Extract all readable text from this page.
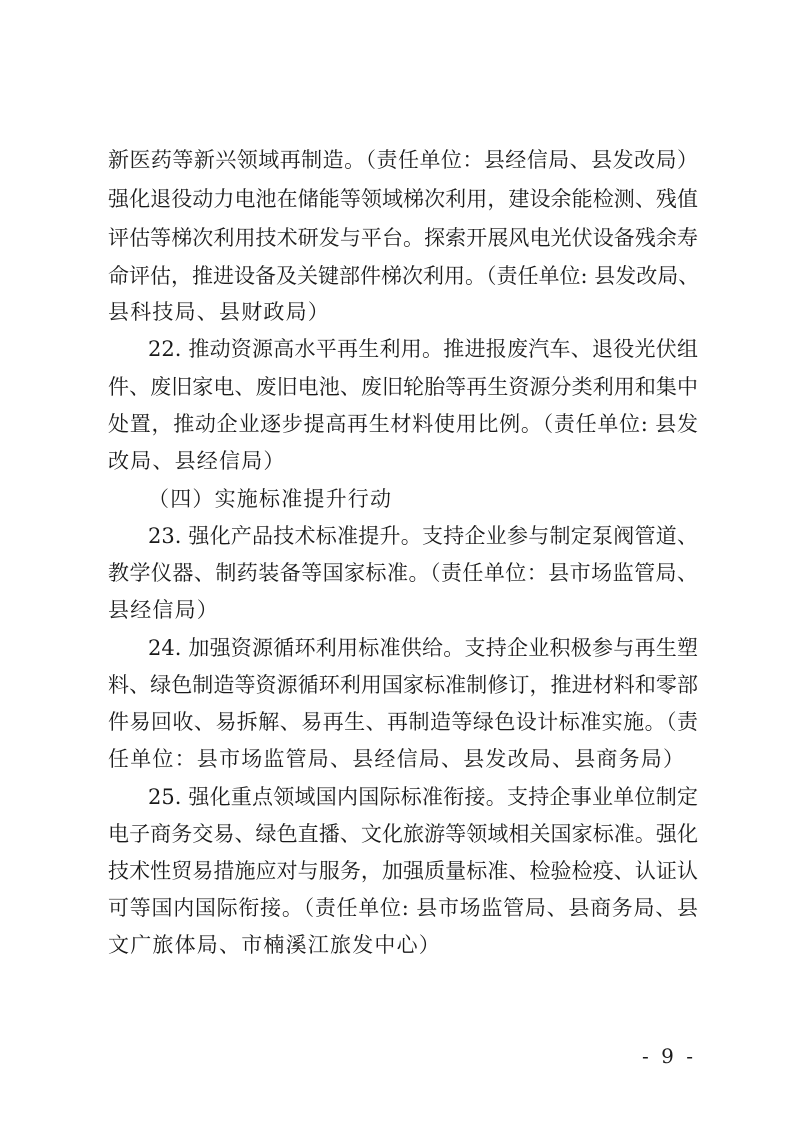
新医药等新兴领域再制造。（责任单位：县经信局、县发改局）
强化退役动力电池在储能等领域梯次利用，建设余能检测、残值
评估等梯次利用技术研发与平台。探索开展风电光伏设备残余寿
命评估，推进设备及关键部件梯次利用。（责任单位: 县发改局、
县科技局、县财政局）
22. 推动资源高水平再生利用。推进报废汽车、退役光伏组
件、废旧家电、废旧电池、废旧轮胎等再生资源分类利用和集中
处置，推动企业逐步提高再生材料使用比例。（责任单位: 县发
改局、县经信局）
（四）实施标准提升行动
23. 强化产品技术标准提升。支持企业参与制定泵阀管道、
教学仪器、制药装备等国家标准。（责任单位：县市场监管局、
县经信局）
24. 加强资源循环利用标准供给。支持企业积极参与再生塑
料、绿色制造等资源循环利用国家标准制修订，推进材料和零部
件易回收、易拆解、易再生、再制造等绿色设计标准实施。（责
任单位：县市场监管局、县经信局、县发改局、县商务局）
25. 强化重点领域国内国际标准衔接。支持企事业单位制定
电子商务交易、绿色直播、文化旅游等领域相关国家标准。强化
技术性贸易措施应对与服务，加强质量标准、检验检疫、认证认
可等国内国际衔接。（责任单位: 县市场监管局、县商务局、县
文广旅体局、市楠溪江旅发中心）
- 9 -
